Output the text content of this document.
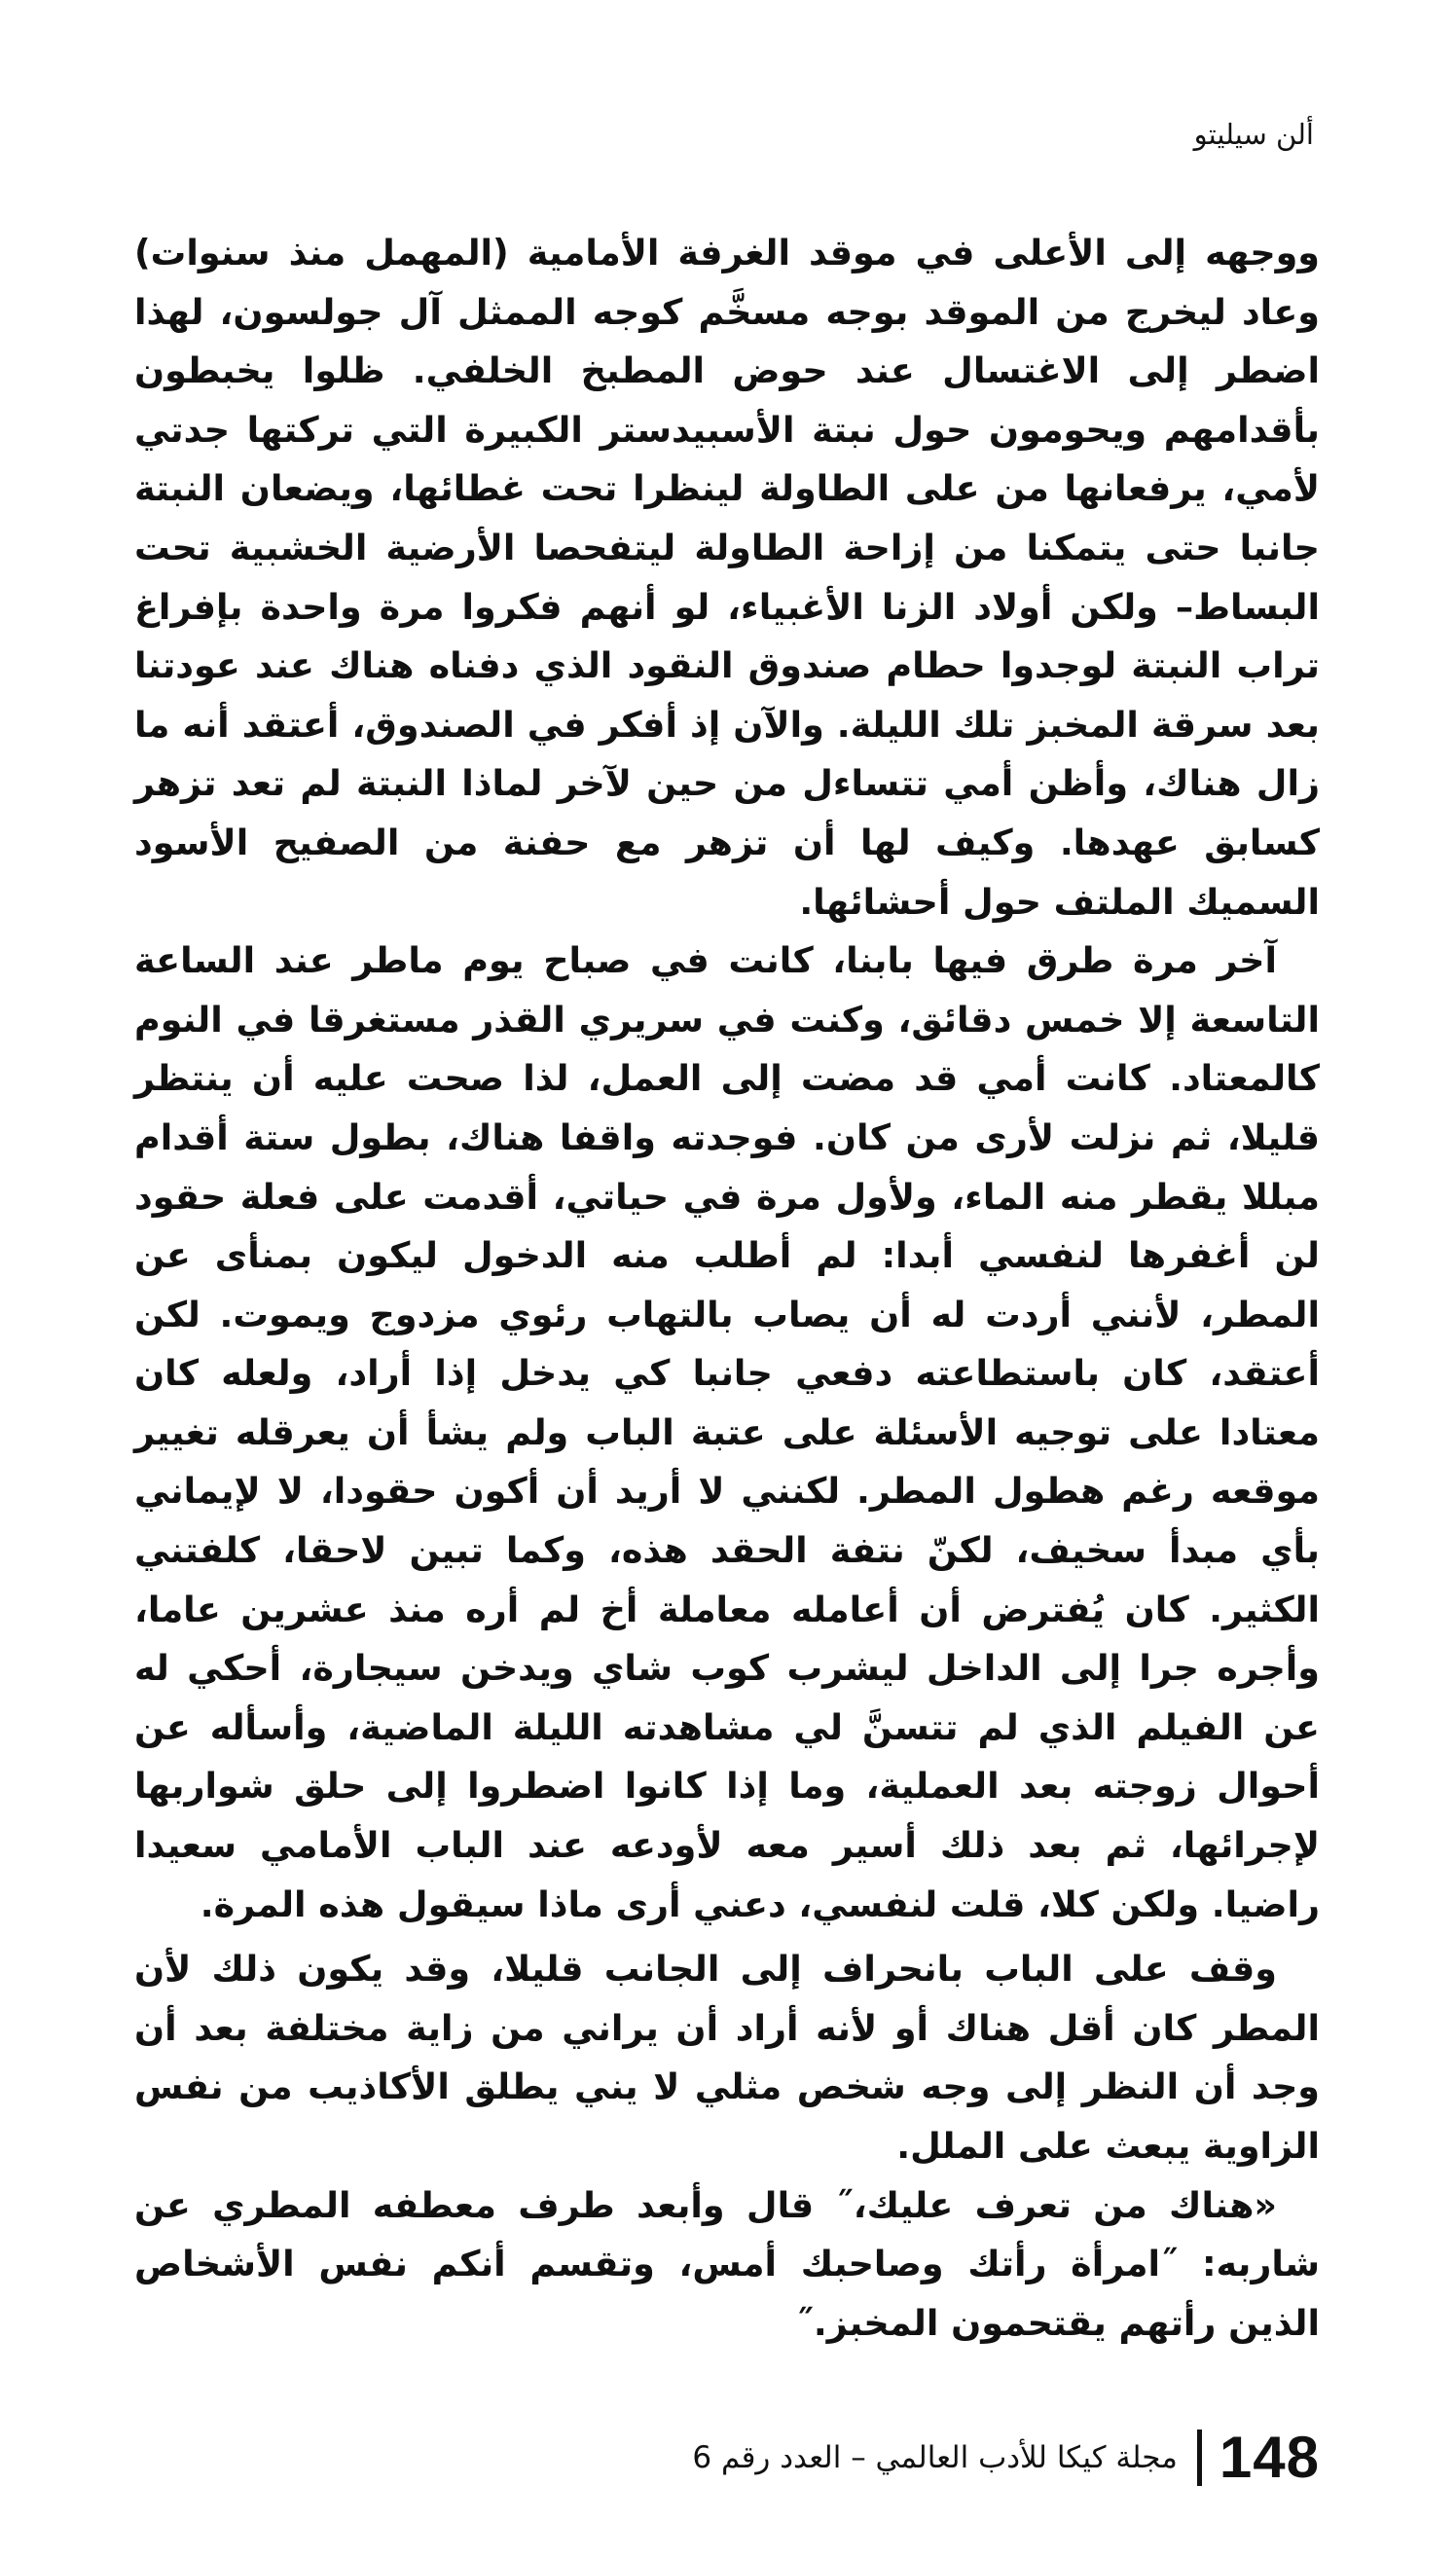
ألن سيليتو

ووجهه إلى الأعلى في موقد الغرفة الأمامية (المهمل منذ سنوات) وعاد ليخرج من الموقد بوجه مسخَّم كوجه الممثل آل جولسون، لهذا اضطر إلى الاغتسال عند حوض المطبخ الخلفي. ظلوا يخبطون بأقدامهم ويحومون حول نبتة الأسبيدستر الكبيرة التي تركتها جدتي لأمي، يرفعانها من على الطاولة لينظرا تحت غطائها، ويضعان النبتة جانبا حتى يتمكنا من إزاحة الطاولة ليتفحصا الأرضية الخشبية تحت البساط– ولكن أولاد الزنا الأغبياء، لو أنهم فكروا مرة واحدة بإفراغ تراب النبتة لوجدوا حطام صندوق النقود الذي دفناه هناك عند عودتنا بعد سرقة المخبز تلك الليلة. والآن إذ أفكر في الصندوق، أعتقد أنه ما زال هناك، وأظن أمي تتساءل من حين لآخر لماذا النبتة لم تعد تزهر كسابق عهدها. وكيف لها أن تزهر مع حفنة من الصفيح الأسود السميك الملتف حول أحشائها.

آخر مرة طرق فيها بابنا، كانت في صباح يوم ماطر عند الساعة التاسعة إلا خمس دقائق، وكنت في سريري القذر مستغرقا في النوم كالمعتاد. كانت أمي قد مضت إلى العمل، لذا صحت عليه أن ينتظر قليلا، ثم نزلت لأرى من كان. فوجدته واقفا هناك، بطول ستة أقدام مبللا يقطر منه الماء، ولأول مرة في حياتي، أقدمت على فعلة حقود لن أغفرها لنفسي أبدا: لم أطلب منه الدخول ليكون بمنأى عن المطر، لأنني أردت له أن يصاب بالتهاب رئوي مزدوج ويموت. لكن أعتقد، كان باستطاعته دفعي جانبا كي يدخل إذا أراد، ولعله كان معتادا على توجيه الأسئلة على عتبة الباب ولم يشأ أن يعرقله تغيير موقعه رغم هطول المطر. لكنني لا أريد أن أكون حقودا، لا لإيماني بأي مبدأ سخيف، لكنّ نتفة الحقد هذه، وكما تبين لاحقا، كلفتني الكثير. كان يُفترض أن أعامله معاملة أخ لم أره منذ عشرين عاما، وأجره جرا إلى الداخل ليشرب كوب شاي ويدخن سيجارة، أحكي له عن الفيلم الذي لم تتسنَّ لي مشاهدته الليلة الماضية، وأسأله عن أحوال زوجته بعد العملية، وما إذا كانوا اضطروا إلى حلق شواربها لإجرائها، ثم بعد ذلك أسير معه لأودعه عند الباب الأمامي سعيدا راضيا. ولكن كلا، قلت لنفسي، دعني أرى ماذا سيقول هذه المرة.

وقف على الباب بانحراف إلى الجانب قليلا، وقد يكون ذلك لأن المطر كان أقل هناك أو لأنه أراد أن يراني من زاية مختلفة بعد أن وجد أن النظر إلى وجه شخص مثلي لا يني يطلق الأكاذيب من نفس الزاوية يبعث على الملل.

«هناك من تعرف عليك،˝ قال وأبعد طرف معطفه المطري عن شاربه: ˝امرأة رأتك وصاحبك أمس، وتقسم أنكم نفس الأشخاص الذين رأتهم يقتحمون المخبز.˝

148
مجلة كيكا للأدب العالمي – العدد رقم 6
